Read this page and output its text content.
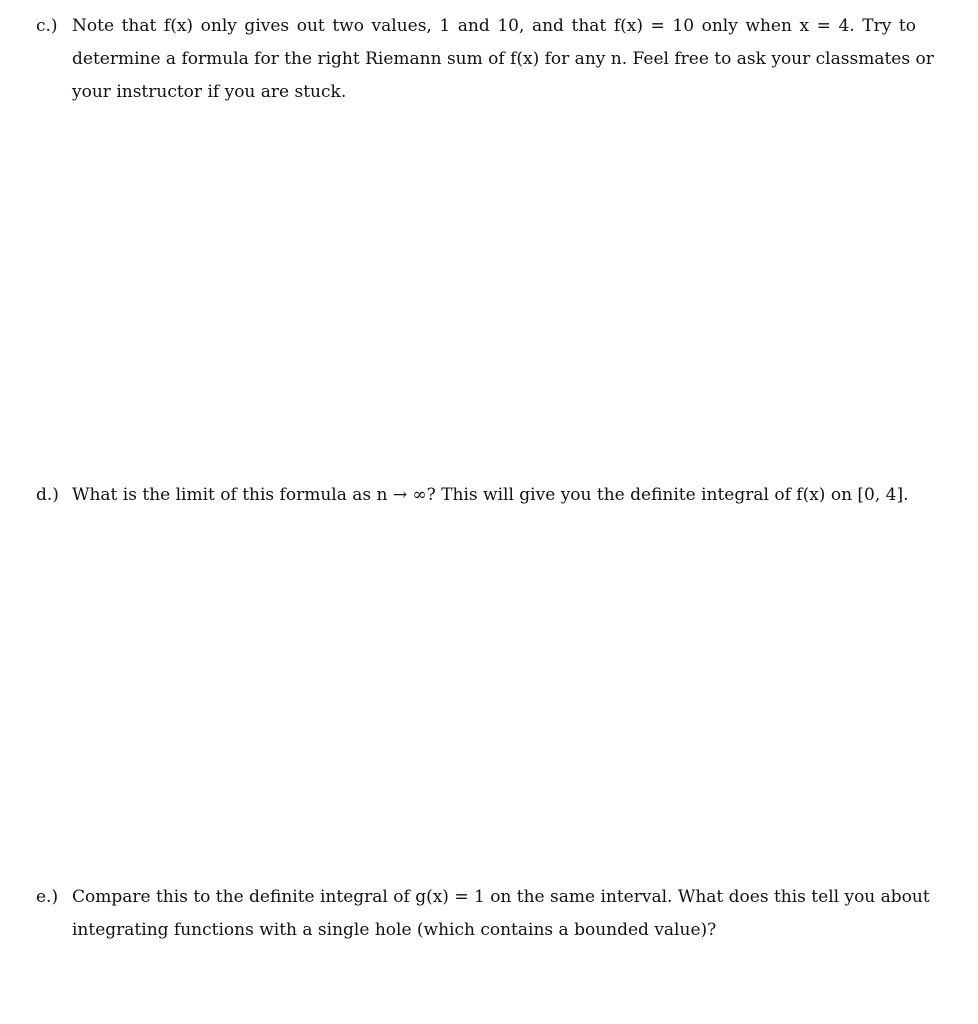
c.) Note that f(x) only gives out two values, 1 and 10, and that f(x) = 10 only when x = 4. Try to
determine a formula for the right Riemann sum of f(x) for any n. Feel free to ask your classmates or
your instructor if you are stuck.
d.) What is the limit of this formula as n → ∞? This will give you the definite integral of f(x) on [0, 4].
e.) Compare this to the definite integral of g(x) = 1 on the same interval. What does this tell you about
integrating functions with a single hole (which contains a bounded value)?
